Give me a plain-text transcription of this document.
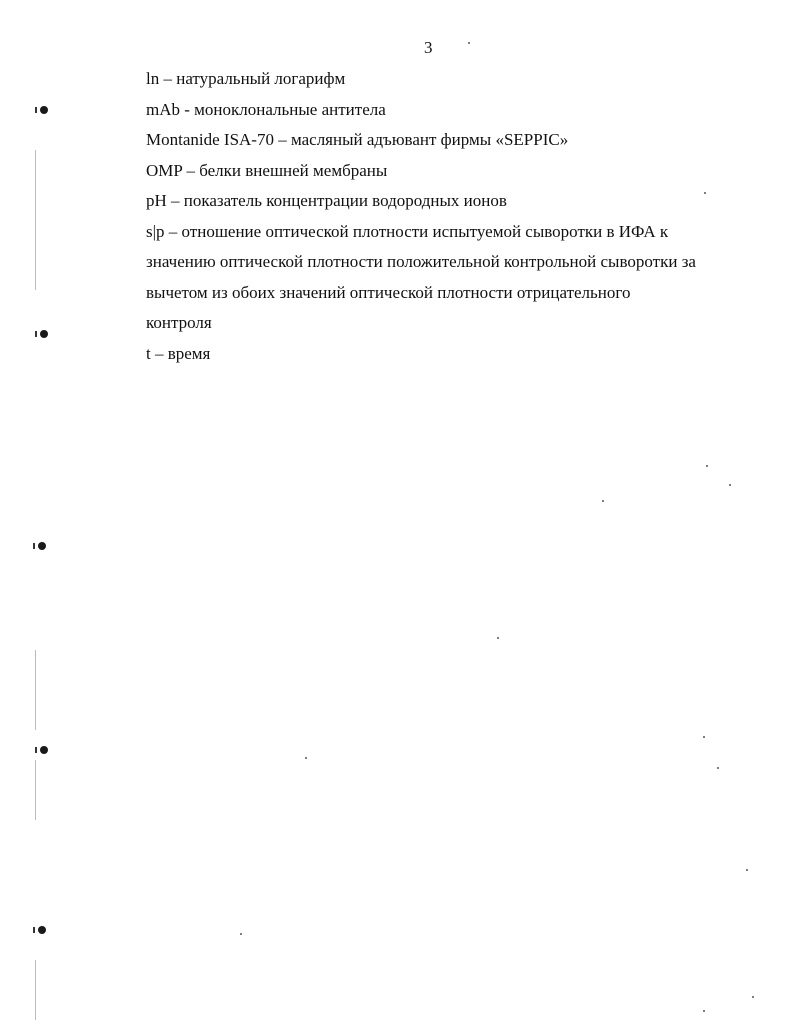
3
ln – натуральный логарифм
mAb - моноклональные антитела
Montanide ISA-70 – масляный адъювант фирмы «SEPPIC»
OMP – белки внешней мембраны
pH – показатель концентрации водородных ионов
s|p – отношение оптической плотности испытуемой сыворотки в ИФА к
значению оптической плотности положительной контрольной сыворотки за
вычетом из обоих значений оптической плотности отрицательного
контроля
t – время
